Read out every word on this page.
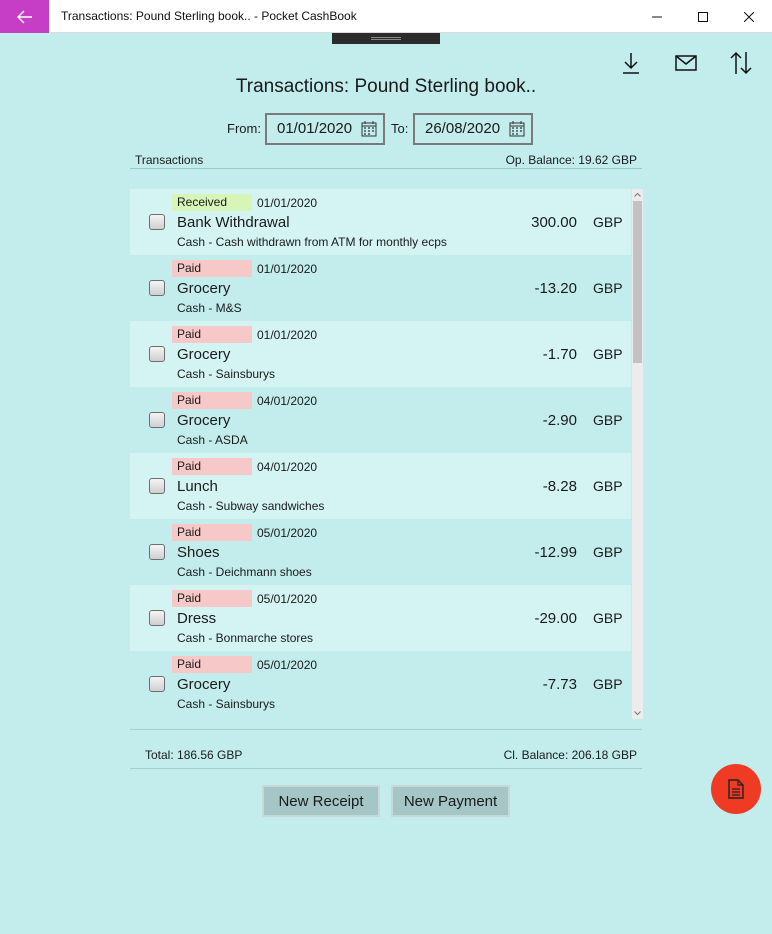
Transactions: Pound Sterling book.. - Pocket CashBook
Transactions: Pound Sterling book..
From:	01/01/2020	To:	26/08/2020
Transactions	Op. Balance: 19.62 GBP
Received	01/01/2020
Bank Withdrawal
Cash - Cash withdrawn from ATM for monthly ecps
300.00 GBP
Paid	01/01/2020
Grocery
Cash - M&S
-13.20 GBP
Paid	01/01/2020
Grocery
Cash - Sainsburys
-1.70 GBP
Paid	04/01/2020
Grocery
Cash - ASDA
-2.90 GBP
Paid	04/01/2020
Lunch
Cash - Subway sandwiches
-8.28 GBP
Paid	05/01/2020
Shoes
Cash - Deichmann shoes
-12.99 GBP
Paid	05/01/2020
Dress
Cash - Bonmarche stores
-29.00 GBP
Paid	05/01/2020
Grocery
Cash - Sainsburys
-7.73 GBP
Total: 186.56 GBP	Cl. Balance: 206.18 GBP
New Receipt	New Payment
